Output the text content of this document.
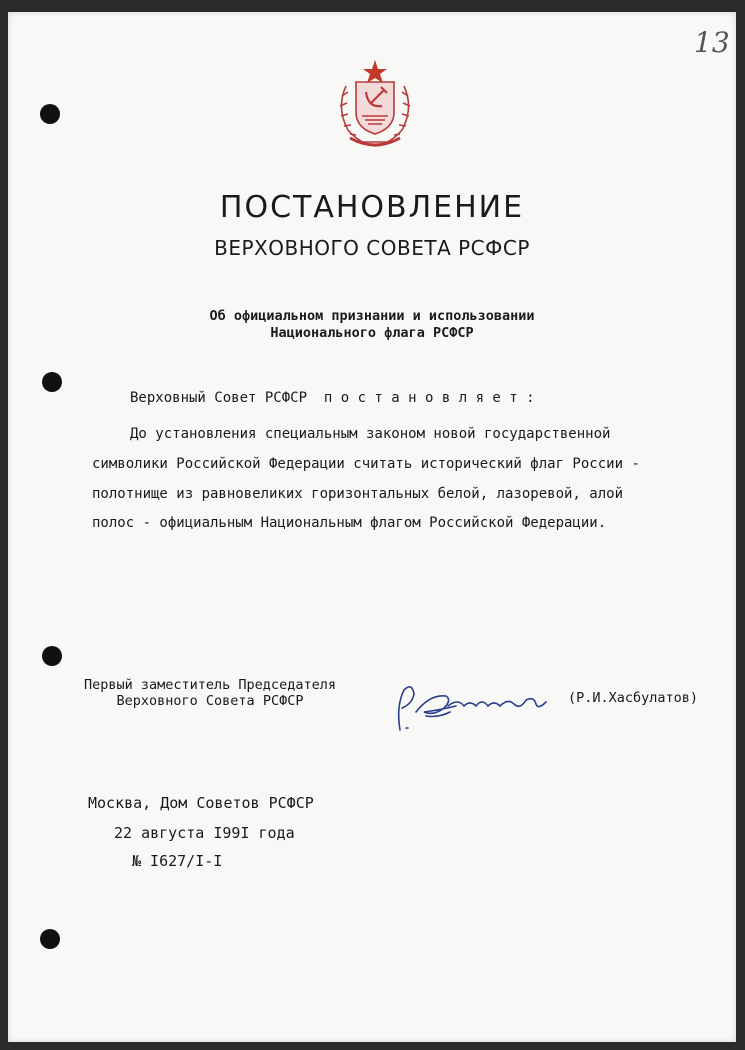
13
ПОСТАНОВЛЕНИЕ
ВЕРХОВНОГО СОВЕТА РСФСР
Об официальном признании и использовании
Национального флага РСФСР
Верховный Совет РСФСР  п о с т а н о в л я е т :
До установления специальным законом новой государственной
символики Российской Федерации считать исторический флаг России -
полотнище из равновеликих горизонтальных белой, лазоревой, алой
полос - официальным Национальным флагом Российской Федерации.
Первый заместитель Председателя
Верховного Совета РСФСР	(Р.И.Хасбулатов)
Москва, Дом Советов РСФСР
22 августа I99I года
№ I627/I-I
